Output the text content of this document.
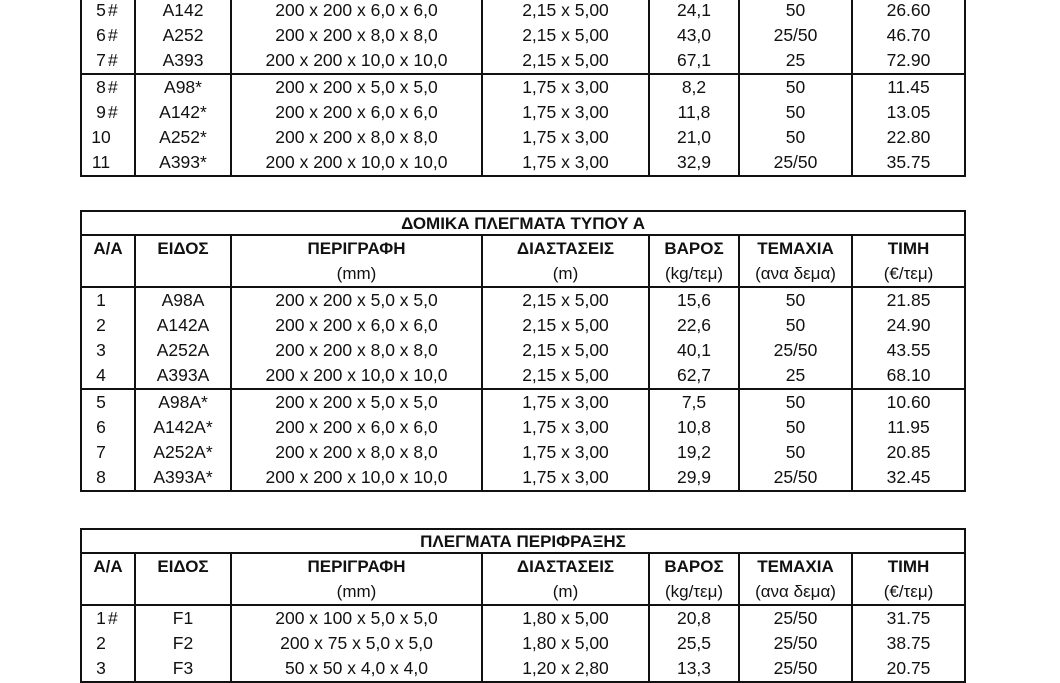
5 #	A142	200 x 200 x 6,0 x 6,0	2,15 x 5,00	24,1	50	26.60
6 #	A252	200 x 200 x 8,0 x 8,0	2,15 x 5,00	43,0	25/50	46.70
7 #	A393	200 x 200 x 10,0 x 10,0	2,15 x 5,00	67,1	25	72.90
8 #	A98*	200 x 200 x 5,0 x 5,0	1,75 x 3,00	8,2	50	11.45
9 #	A142*	200 x 200 x 6,0 x 6,0	1,75 x 3,00	11,8	50	13.05
10	A252*	200 x 200 x 8,0 x 8,0	1,75 x 3,00	21,0	50	22.80
11	A393*	200 x 200 x 10,0 x 10,0	1,75 x 3,00	32,9	25/50	35.75
ΔΟΜΙΚΑ ΠΛΕΓΜΑΤΑ ΤΥΠΟΥ Α						
Α/Α	ΕΙΔΟΣ	ΠΕΡΙΓΡΑΦΗ	ΔΙΑΣΤΑΣΕΙΣ	ΒΑΡΟΣ	ΤΕΜΑΧΙΑ	ΤΙΜΗ
		(mm)	(m)	(kg/τεμ)	(ανα δεμα)	(€/τεμ)
1	A98A	200 x 200 x 5,0 x 5,0	2,15 x 5,00	15,6	50	21.85
2	A142A	200 x 200 x 6,0 x 6,0	2,15 x 5,00	22,6	50	24.90
3	A252A	200 x 200 x 8,0 x 8,0	2,15 x 5,00	40,1	25/50	43.55
4	A393A	200 x 200 x 10,0 x 10,0	2,15 x 5,00	62,7	25	68.10
5	A98A*	200 x 200 x 5,0 x 5,0	1,75 x 3,00	7,5	50	10.60
6	A142A*	200 x 200 x 6,0 x 6,0	1,75 x 3,00	10,8	50	11.95
7	A252A*	200 x 200 x 8,0 x 8,0	1,75 x 3,00	19,2	50	20.85
8	A393A*	200 x 200 x 10,0 x 10,0	1,75 x 3,00	29,9	25/50	32.45
ΠΛΕΓΜΑΤΑ ΠΕΡΙΦΡΑΞΗΣ						
Α/Α	ΕΙΔΟΣ	ΠΕΡΙΓΡΑΦΗ	ΔΙΑΣΤΑΣΕΙΣ	ΒΑΡΟΣ	ΤΕΜΑΧΙΑ	ΤΙΜΗ
		(mm)	(m)	(kg/τεμ)	(ανα δεμα)	(€/τεμ)
1 #	F1	200 x 100 x 5,0 x 5,0	1,80 x 5,00	20,8	25/50	31.75
2	F2	200 x 75 x 5,0 x 5,0	1,80 x 5,00	25,5	25/50	38.75
3	F3	50 x 50 x 4,0 x 4,0	1,20 x 2,80	13,3	25/50	20.75
